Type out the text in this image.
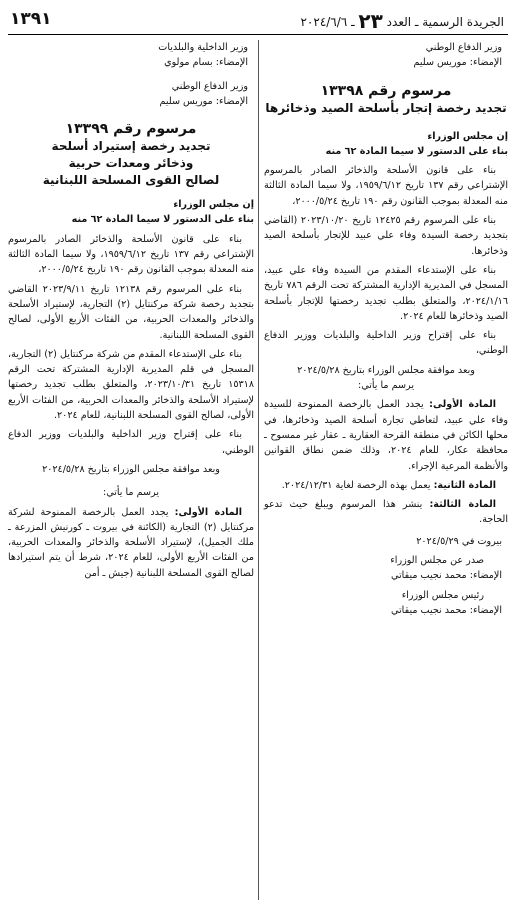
الجريدة الرسمية ـ العدد ٢٣ ـ ٢٠٢٤/٦/٦
١٣٩١

وزير الدفاع الوطني

الإمضاء: موريس سليم

مرسوم رقم ١٣٣٩٨

تجديد رخصة إتجار بأسلحة الصيد وذخائرها

إن مجلس الوزراء

بناء على الدستور لا سيما المادة ٦٢ منه

بناء على قانون الأسلحة والذخائر الصادر بالمرسوم الإشتراعي رقم ١٣٧ تاريخ ١٩٥٩/٦/١٢، ولا سيما المادة الثالثة منه المعدلة بموجب القانون رقم ١٩٠ تاريخ ٢٠٠٠/٥/٢٤،

بناء على المرسوم رقم ١٢٤٢٥ تاريخ ٢٠٢٣/١٠/٢٠ (القاضي بتجديد رخصة السيدة وفاء علي عبيد للإتجار بأسلحة الصيد وذخائرها.

بناء على الإستدعاء المقدم من السيدة وفاء علي عبيد، المسجل في المديرية الإدارية المشتركة تحت الرقم ٧٨٦ تاريخ ٢٠٢٤/١/١٦، والمتعلق بطلب تجديد رخصتها للإتجار بأسلحة الصيد وذخائرها للعام ٢٠٢٤.

بناء على إقتراح وزير الداخلية والبلديات ووزير الدفاع الوطني،

وبعد موافقة مجلس الوزراء بتاريخ ٢٠٢٤/٥/٢٨

يرسم ما يأتي:

المادة الأولى: يجدد العمل بالرخصة الممنوحة للسيدة وفاء علي عبيد، لتعاطي تجارة أسلحة الصيد وذخائرها، في محلها الكائن في منطقة القرحة العقارية ـ عقار غير ممسوح ـ محافظة عكار، للعام ٢٠٢٤، وذلك ضمن نطاق القوانين والأنظمة المرعية الإجراء.

المادة الثانية: يعمل بهذه الرخصة لغاية ٢٠٢٤/١٢/٣١.

المادة الثالثة: ينشر هذا المرسوم ويبلغ حيث تدعو الحاجة.

بيروت في ٢٠٢٤/٥/٢٩

صدر عن مجلس الوزراء

الإمضاء: محمد نجيب ميقاتي

رئيس مجلس الوزراء

الإمضاء: محمد نجيب ميقاتي

وزير الداخلية والبلديات

الإمضاء: بسام مولوي

وزير الدفاع الوطني

الإمضاء: موريس سليم

مرسوم رقم ١٣٣٩٩

تجديد رخصة إستيراد أسلحة

وذخائر ومعدات حربية

لصالح القوى المسلحة اللبنانية

إن مجلس الوزراء

بناء على الدستور لا سيما المادة ٦٢ منه

بناء على قانون الأسلحة والذخائر الصادر بالمرسوم الإشتراعي رقم ١٣٧ تاريخ ١٩٥٩/٦/١٢، ولا سيما المادة الثالثة منه المعدلة بموجب القانون رقم ١٩٠ تاريخ ٢٠٠٠/٥/٢٤،

بناء على المرسوم رقم ١٢١٣٨ تاريخ ٢٠٢٣/٩/١١ القاضي بتجديد رخصة شركة مركنتايل (٢) التجارية، لإستيراد الأسلحة والذخائر والمعدات الحربية، من الفئات الأربع الأولى، لصالح القوى المسلحة اللبنانية.

بناء على الإستدعاء المقدم من شركة مركنتايل (٢) التجارية، المسجل في قلم المديرية الإدارية المشتركة تحت الرقم ١٥٣١٨ تاريخ ٢٠٢٣/١٠/٣١، والمتعلق بطلب تجديد رخصتها لإستيراد الأسلحة والذخائر والمعدات الحربية، من الفئات الأربع الأولى، لصالح القوى المسلحة اللبنانية، للعام ٢٠٢٤.

بناء على إقتراح وزير الداخلية والبلديات ووزير الدفاع الوطني،

وبعد موافقة مجلس الوزراء بتاريخ ٢٠٢٤/٥/٢٨

يرسم ما يأتي:

المادة الأولى: يجدد العمل بالرخصة الممنوحة لشركة مركنتايل (٢) التجارية (الكائنة في بيروت ـ كورنيش المزرعة ـ ملك الجميل)، لإستيراد الأسلحة والذخائر والمعدات الحربية، من الفئات الأربع الأولى، للعام ٢٠٢٤، شرط أن يتم استيرادها لصالح القوى المسلحة اللبنانية (جيش ـ أمن
